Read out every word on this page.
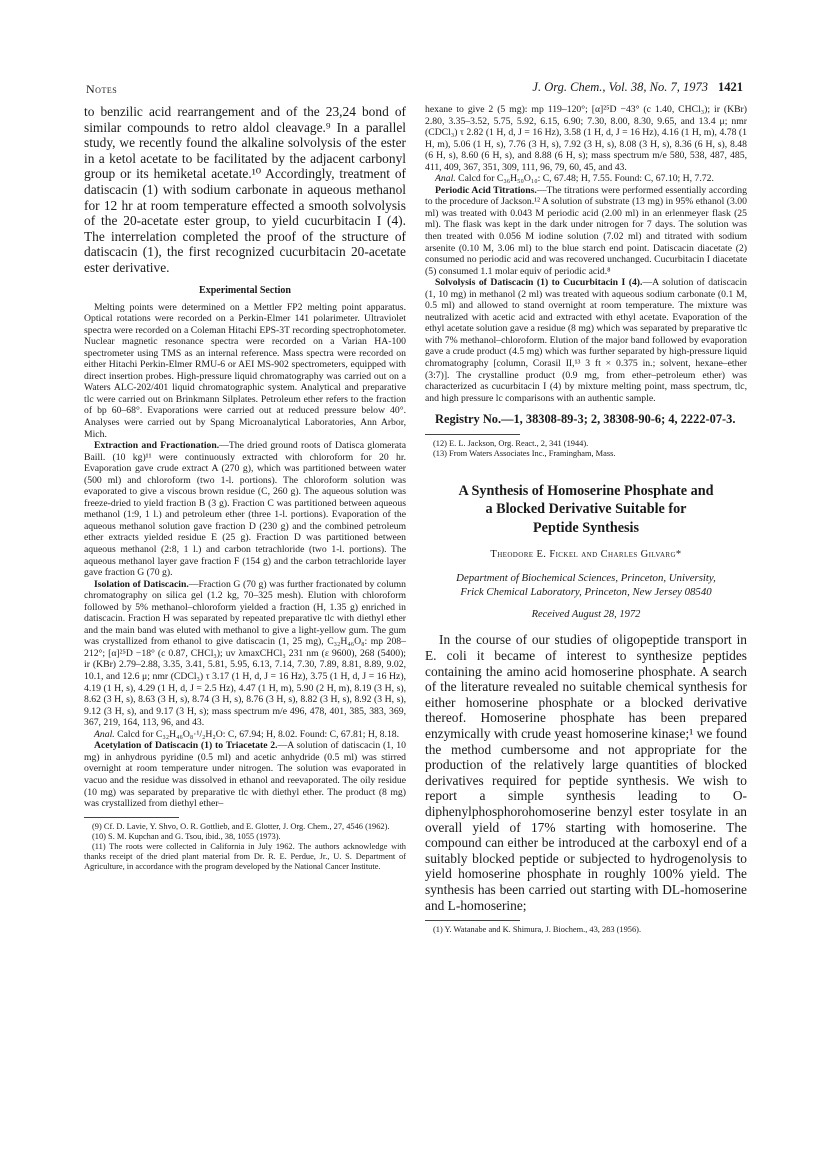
Notes	J. Org. Chem., Vol. 38, No. 7, 1973 1421

to benzilic acid rearrangement and of the 23,24 bond of similar compounds to retro aldol cleavage.⁹ In a parallel study, we recently found the alkaline solvolysis of the ester in a ketol acetate to be facilitated by the adjacent carbonyl group or its hemiketal acetate.¹⁰ Accordingly, treatment of datiscacin (1) with sodium carbonate in aqueous methanol for 12 hr at room temperature effected a smooth solvolysis of the 20-acetate ester group, to yield cucurbitacin I (4). The interrelation completed the proof of the structure of datiscacin (1), the first recognized cucurbitacin 20-acetate ester derivative.

Experimental Section

Melting points were determined on a Mettler FP2 melting point apparatus. Optical rotations were recorded on a Perkin-Elmer 141 polarimeter. Ultraviolet spectra were recorded on a Coleman Hitachi EPS-3T recording spectrophotometer. Nuclear magnetic resonance spectra were recorded on a Varian HA-100 spectrometer using TMS as an internal reference. Mass spectra were recorded on either Hitachi Perkin-Elmer RMU-6 or AEI MS-902 spectrometers, equipped with direct insertion probes. High-pressure liquid chromatography was carried out on a Waters ALC-202/401 liquid chromatographic system. Analytical and preparative tlc were carried out on Brinkmann Silplates. Petroleum ether refers to the fraction of bp 60–68°. Evaporations were carried out at reduced pressure below 40°. Analyses were carried out by Spang Microanalytical Laboratories, Ann Arbor, Mich.

Extraction and Fractionation.—The dried ground roots of Datisca glomerata Baill. (10 kg)¹¹ were continuously extracted with chloroform for 20 hr. Evaporation gave crude extract A (270 g), which was partitioned between water (500 ml) and chloroform (two 1-l. portions). The chloroform solution was evaporated to give a viscous brown residue (C, 260 g). The aqueous solution was freeze-dried to yield fraction B (3 g). Fraction C was partitioned between aqueous methanol (1:9, 1 l.) and petroleum ether (three 1-l. portions). Evaporation of the aqueous methanol solution gave fraction D (230 g) and the combined petroleum ether extracts yielded residue E (25 g). Fraction D was partitioned between aqueous methanol (2:8, 1 l.) and carbon tetrachloride (two 1-l. portions). The aqueous methanol layer gave fraction F (154 g) and the carbon tetrachloride layer gave fraction G (70 g).

Isolation of Datiscacin.—Fraction G (70 g) was further fractionated by column chromatography on silica gel (1.2 kg, 70–325 mesh). Elution with chloroform followed by 5% methanol–chloroform yielded a fraction (H, 1.35 g) enriched in datiscacin. Fraction H was separated by repeated preparative tlc with diethyl ether and the main band was eluted with methanol to give a light-yellow gum. The gum was crystallized from ethanol to give datiscacin (1, 25 mg), C₃₂H₄₆O₈: mp 208–212°; [α]²⁵D −18° (c 0.87, CHCl₃); uv λmaxCHCl₃ 231 nm (ε 9600), 268 (5400); ir (KBr) 2.79–2.88, 3.35, 3.41, 5.81, 5.95, 6.13, 7.14, 7.30, 7.89, 8.81, 8.89, 9.02, 10.1, and 12.6 μ; nmr (CDCl₃) τ 3.17 (1 H, d, J = 16 Hz), 3.75 (1 H, d, J = 16 Hz), 4.19 (1 H, s), 4.29 (1 H, d, J = 2.5 Hz), 4.47 (1 H, m), 5.90 (2 H, m), 8.19 (3 H, s), 8.62 (3 H, s), 8.63 (3 H, s), 8.74 (3 H, s), 8.76 (3 H, s), 8.82 (3 H, s), 8.92 (3 H, s), 9.12 (3 H, s), and 9.17 (3 H, s); mass spectrum m/e 496, 478, 401, 385, 383, 369, 367, 219, 164, 113, 96, and 43.

Anal. Calcd for C₃₂H₄₆O₈·¹/₂H₂O: C, 67.94; H, 8.02. Found: C, 67.81; H, 8.18.

Acetylation of Datiscacin (1) to Triacetate 2.—A solution of datiscacin (1, 10 mg) in anhydrous pyridine (0.5 ml) and acetic anhydride (0.5 ml) was stirred overnight at room temperature under nitrogen. The solution was evaporated in vacuo and the residue was dissolved in ethanol and reevaporated. The oily residue (10 mg) was separated by preparative tlc with diethyl ether. The product (8 mg) was crystallized from diethyl ether–

(9) Cf. D. Lavie, Y. Shvo, O. R. Gottlieb, and E. Glotter, J. Org. Chem., 27, 4546 (1962).

(10) S. M. Kupchan and G. Tsou, ibid., 38, 1055 (1973).

(11) The roots were collected in California in July 1962. The authors acknowledge with thanks receipt of the dried plant material from Dr. R. E. Perdue, Jr., U. S. Department of Agriculture, in accordance with the program developed by the National Cancer Institute.

hexane to give 2 (5 mg): mp 119–120°; [α]²⁵D −43° (c 1.40, CHCl₃); ir (KBr) 2.80, 3.35–3.52, 5.75, 5.92, 6.15, 6.90; 7.30, 8.00, 8.30, 9.65, and 13.4 μ; nmr (CDCl₃) τ 2.82 (1 H, d, J = 16 Hz), 3.58 (1 H, d, J = 16 Hz), 4.16 (1 H, m), 4.78 (1 H, m), 5.06 (1 H, s), 7.76 (3 H, s), 7.92 (3 H, s), 8.08 (3 H, s), 8.36 (6 H, s), 8.48 (6 H, s), 8.60 (6 H, s), and 8.88 (6 H, s); mass spectrum m/e 580, 538, 487, 485, 411, 409, 367, 351, 309, 111, 96, 79, 60, 45, and 43.

Anal. Calcd for C₃₆H₅₀O₁₀: C, 67.48; H, 7.55. Found: C, 67.10; H, 7.72.

Periodic Acid Titrations.—The titrations were performed essentially according to the procedure of Jackson.¹² A solution of substrate (13 mg) in 95% ethanol (3.00 ml) was treated with 0.043 M periodic acid (2.00 ml) in an erlenmeyer flask (25 ml). The flask was kept in the dark under nitrogen for 7 days. The solution was then treated with 0.056 M iodine solution (7.02 ml) and titrated with sodium arsenite (0.10 M, 3.06 ml) to the blue starch end point. Datiscacin diacetate (2) consumed no periodic acid and was recovered unchanged. Cucurbitacin I diacetate (5) consumed 1.1 molar equiv of periodic acid.⁸

Solvolysis of Datiscacin (1) to Cucurbitacin I (4).—A solution of datiscacin (1, 10 mg) in methanol (2 ml) was treated with aqueous sodium carbonate (0.1 M, 0.5 ml) and allowed to stand overnight at room temperature. The mixture was neutralized with acetic acid and extracted with ethyl acetate. Evaporation of the ethyl acetate solution gave a residue (8 mg) which was separated by preparative tlc with 7% methanol–chloroform. Elution of the major band followed by evaporation gave a crude product (4.5 mg) which was further separated by high-pressure liquid chromatography [column, Corasil II,¹³ 3 ft × 0.375 in.; solvent, hexane–ether (3:7)]. The crystalline product (0.9 mg, from ether–petroleum ether) was characterized as cucurbitacin I (4) by mixture melting point, mass spectrum, tlc, and high pressure lc comparisons with an authentic sample.

Registry No.—1, 38308-89-3; 2, 38308-90-6; 4, 2222-07-3.

(12) E. L. Jackson, Org. React., 2, 341 (1944).

(13) From Waters Associates Inc., Framingham, Mass.

A Synthesis of Homoserine Phosphate and
a Blocked Derivative Suitable for
Peptide Synthesis
Theodore E. Fickel and Charles Gilvarg*
Department of Biochemical Sciences, Princeton, University,
Frick Chemical Laboratory, Princeton, New Jersey 08540
Received August 28, 1972

In the course of our studies of oligopeptide transport in E. coli it became of interest to synthesize peptides containing the amino acid homoserine phosphate. A search of the literature revealed no suitable chemical synthesis for either homoserine phosphate or a blocked derivative thereof. Homoserine phosphate has been prepared enzymically with crude yeast homoserine kinase;¹ we found the method cumbersome and not appropriate for the production of the relatively large quantities of blocked derivatives required for peptide synthesis. We wish to report a simple synthesis leading to O-diphenylphosphorohomoserine benzyl ester tosylate in an overall yield of 17% starting with homoserine. The compound can either be introduced at the carboxyl end of a suitably blocked peptide or subjected to hydrogenolysis to yield homoserine phosphate in roughly 100% yield. The synthesis has been carried out starting with DL-homoserine and L-homoserine;

(1) Y. Watanabe and K. Shimura, J. Biochem., 43, 283 (1956).
